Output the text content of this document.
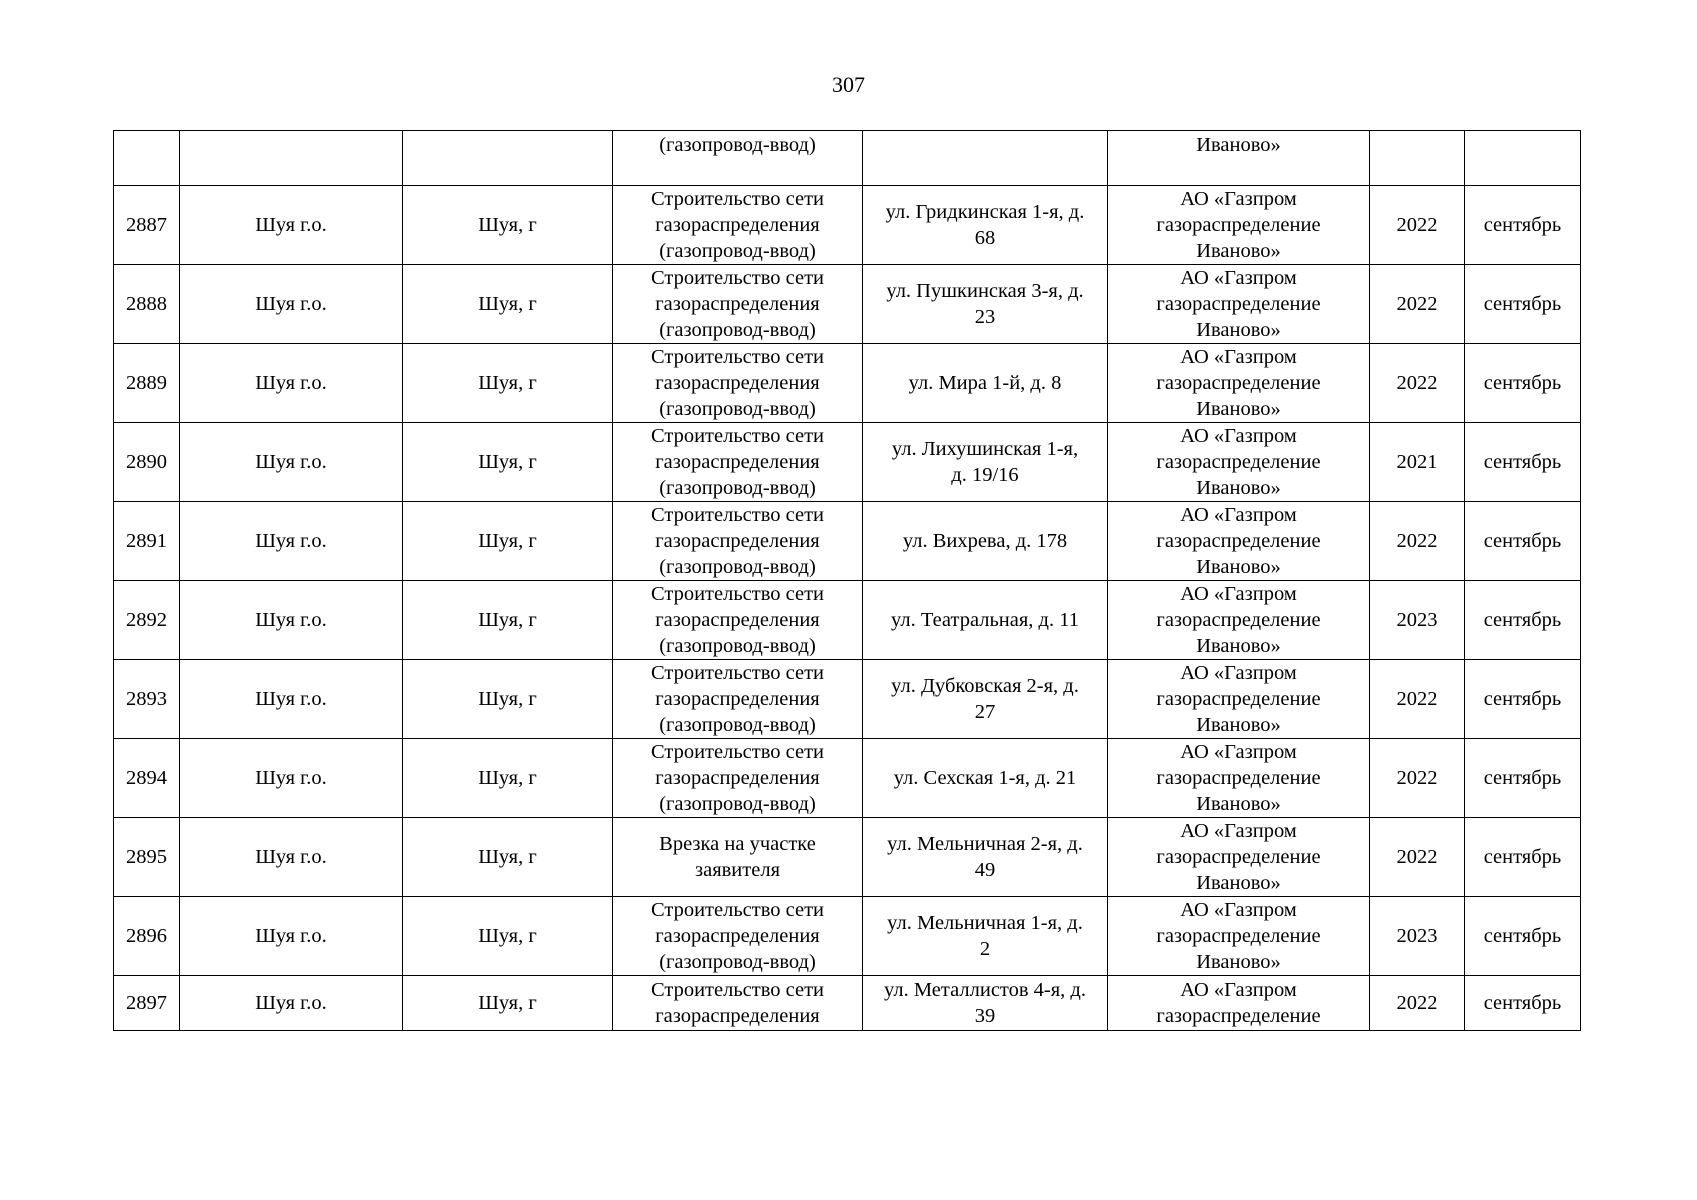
307
			(газопровод-ввод)		Иваново»		
2887	Шуя г.о.	Шуя, г	Строительство сети
газораспределения
(газопровод-ввод)	ул. Гридкинская 1-я, д.
68	АО «Газпром
газораспределение
Иваново»	2022	сентябрь
2888	Шуя г.о.	Шуя, г	Строительство сети
газораспределения
(газопровод-ввод)	ул. Пушкинская 3-я, д.
23	АО «Газпром
газораспределение
Иваново»	2022	сентябрь
2889	Шуя г.о.	Шуя, г	Строительство сети
газораспределения
(газопровод-ввод)	ул. Мира 1-й, д. 8	АО «Газпром
газораспределение
Иваново»	2022	сентябрь
2890	Шуя г.о.	Шуя, г	Строительство сети
газораспределения
(газопровод-ввод)	ул. Лихушинская 1-я,
д. 19/16	АО «Газпром
газораспределение
Иваново»	2021	сентябрь
2891	Шуя г.о.	Шуя, г	Строительство сети
газораспределения
(газопровод-ввод)	ул. Вихрева, д. 178	АО «Газпром
газораспределение
Иваново»	2022	сентябрь
2892	Шуя г.о.	Шуя, г	Строительство сети
газораспределения
(газопровод-ввод)	ул. Театральная, д. 11	АО «Газпром
газораспределение
Иваново»	2023	сентябрь
2893	Шуя г.о.	Шуя, г	Строительство сети
газораспределения
(газопровод-ввод)	ул. Дубковская 2-я, д.
27	АО «Газпром
газораспределение
Иваново»	2022	сентябрь
2894	Шуя г.о.	Шуя, г	Строительство сети
газораспределения
(газопровод-ввод)	ул. Сехская 1-я, д. 21	АО «Газпром
газораспределение
Иваново»	2022	сентябрь
2895	Шуя г.о.	Шуя, г	Врезка на участке
заявителя	ул. Мельничная 2-я, д.
49	АО «Газпром
газораспределение
Иваново»	2022	сентябрь
2896	Шуя г.о.	Шуя, г	Строительство сети
газораспределения
(газопровод-ввод)	ул. Мельничная 1-я, д.
2	АО «Газпром
газораспределение
Иваново»	2023	сентябрь
2897	Шуя г.о.	Шуя, г	Строительство сети
газораспределения	ул. Металлистов 4-я, д.
39	АО «Газпром
газораспределение	2022	сентябрь
